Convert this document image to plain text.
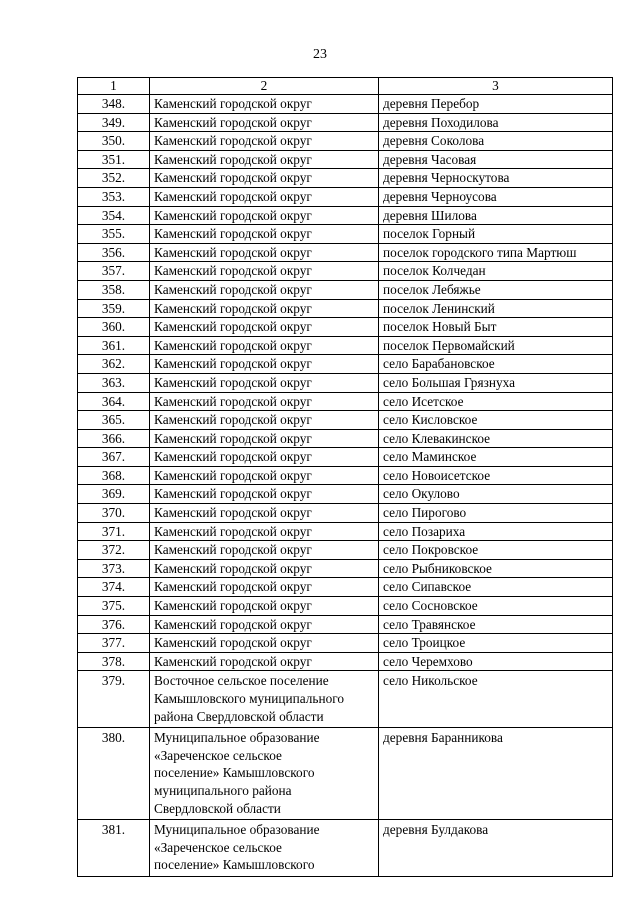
23
1	2	3
348.	Каменский городской округ	деревня Перебор
349.	Каменский городской округ	деревня Походилова
350.	Каменский городской округ	деревня Соколова
351.	Каменский городской округ	деревня Часовая
352.	Каменский городской округ	деревня Черноскутова
353.	Каменский городской округ	деревня Черноусова
354.	Каменский городской округ	деревня Шилова
355.	Каменский городской округ	поселок Горный
356.	Каменский городской округ	поселок городского типа Мартюш
357.	Каменский городской округ	поселок Колчедан
358.	Каменский городской округ	поселок Лебяжье
359.	Каменский городской округ	поселок Ленинский
360.	Каменский городской округ	поселок Новый Быт
361.	Каменский городской округ	поселок Первомайский
362.	Каменский городской округ	село Барабановское
363.	Каменский городской округ	село Большая Грязнуха
364.	Каменский городской округ	село Исетское
365.	Каменский городской округ	село Кисловское
366.	Каменский городской округ	село Клевакинское
367.	Каменский городской округ	село Маминское
368.	Каменский городской округ	село Новоисетское
369.	Каменский городской округ	село Окулово
370.	Каменский городской округ	село Пирогово
371.	Каменский городской округ	село Позариха
372.	Каменский городской округ	село Покровское
373.	Каменский городской округ	село Рыбниковское
374.	Каменский городской округ	село Сипавское
375.	Каменский городской округ	село Сосновское
376.	Каменский городской округ	село Травянское
377.	Каменский городской округ	село Троицкое
378.	Каменский городской округ	село Черемхово
379.	Восточное сельское поселение
Камышловского муниципального
района Свердловской области	село Никольское
380.	Муниципальное образование
«Зареченское сельское
поселение» Камышловского
муниципального района
Свердловской области	деревня Баранникова
381.	Муниципальное образование
«Зареченское сельское
поселение» Камышловского	деревня Булдакова
